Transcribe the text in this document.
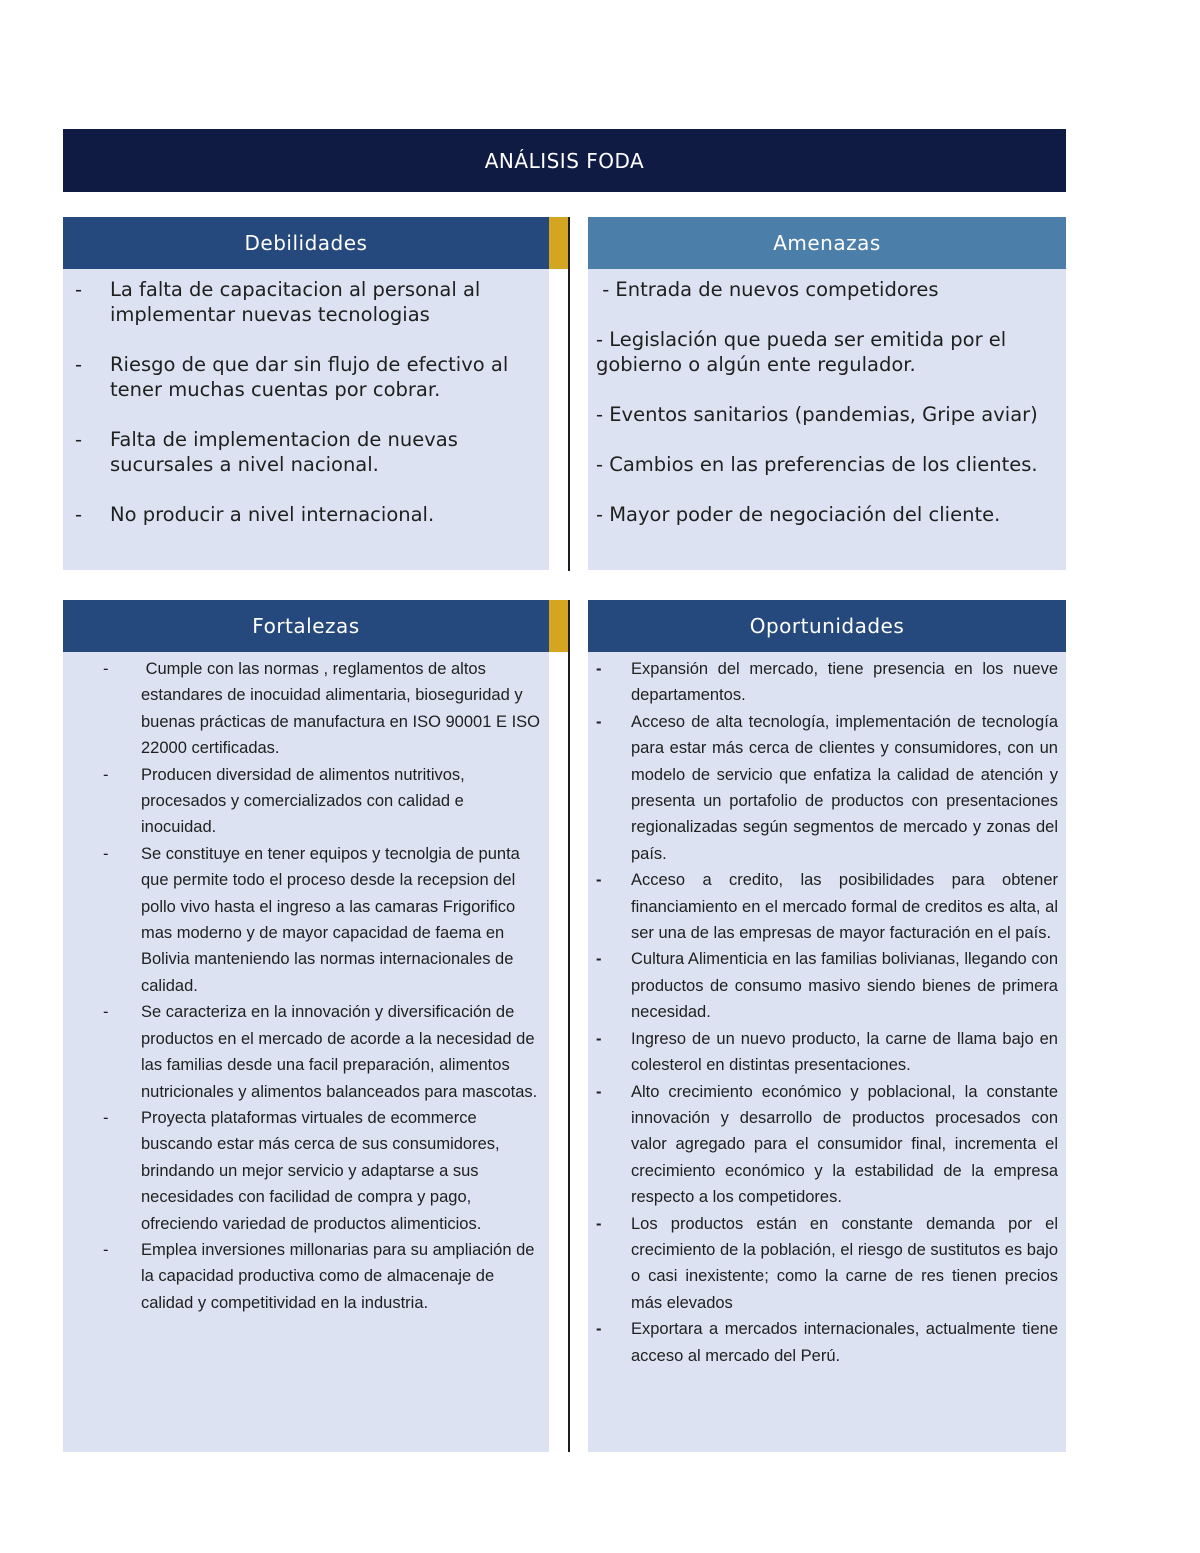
ANÁLISIS FODA
Debilidades
-	La falta de capacitacion al personal al implementar nuevas tecnologias
-	Riesgo de que dar sin flujo de efectivo al tener muchas cuentas por cobrar.
-	Falta de implementacion de nuevas sucursales a nivel nacional.
-	No producir a nivel internacional.
Amenazas

- Entrada de nuevos competidores

- Legislación que pueda ser emitida por el gobierno o algún ente regulador.

- Eventos sanitarios (pandemias, Gripe aviar)

- Cambios en las preferencias de los clientes.

- Mayor poder de negociación del cliente.

Fortalezas
-	Cumple con las normas , reglamentos de altos estandares de inocuidad alimentaria, bioseguridad y buenas prácticas de manufactura en ISO 90001 E ISO 22000 certificadas.
-	Producen diversidad de alimentos nutritivos, procesados y comercializados con calidad e inocuidad.
-	Se constituye en tener equipos y tecnolgia de punta que permite todo el proceso desde la recepsion del pollo vivo hasta el ingreso a las camaras Frigorifico mas moderno y de mayor capacidad de faema en Bolivia manteniendo las normas internacionales de calidad.
-	Se caracteriza en la innovación y diversificación de productos en el mercado de acorde a la necesidad de las familias desde una facil preparación, alimentos nutricionales y alimentos balanceados para mascotas.
-	Proyecta plataformas virtuales de ecommerce buscando estar más cerca de sus consumidores, brindando un mejor servicio y adaptarse a sus necesidades con facilidad de compra y pago, ofreciendo variedad de productos alimenticios.
-	Emplea inversiones millonarias para su ampliación de la capacidad productiva como de almacenaje de calidad y competitividad en la industria.
Oportunidades
-	Expansión del mercado, tiene presencia en los nueve departamentos.
-	Acceso de alta tecnología, implementación de tecnología para estar más cerca de clientes y consumidores, con un modelo de servicio que enfatiza la calidad de atención y presenta un portafolio de productos con presentaciones regionalizadas según segmentos de mercado y zonas del país.
-	Acceso a credito, las posibilidades para obtener financiamiento en el mercado formal de creditos es alta, al ser una de las empresas de mayor facturación en el país.
-	Cultura Alimenticia en las familias bolivianas, llegando con productos de consumo masivo siendo bienes de primera necesidad.
-	Ingreso de un nuevo producto, la carne de llama bajo en colesterol en distintas presentaciones.
-	Alto crecimiento económico y poblacional, la constante innovación y desarrollo de productos procesados con valor agregado para el consumidor final, incrementa el crecimiento económico y la estabilidad de la empresa respecto a los competidores.
-	Los productos están en constante demanda por el crecimiento de la población, el riesgo de sustitutos es bajo o casi inexistente; como la carne de res tienen precios más elevados
-	Exportara a mercados internacionales, actualmente tiene acceso al mercado del Perú.
